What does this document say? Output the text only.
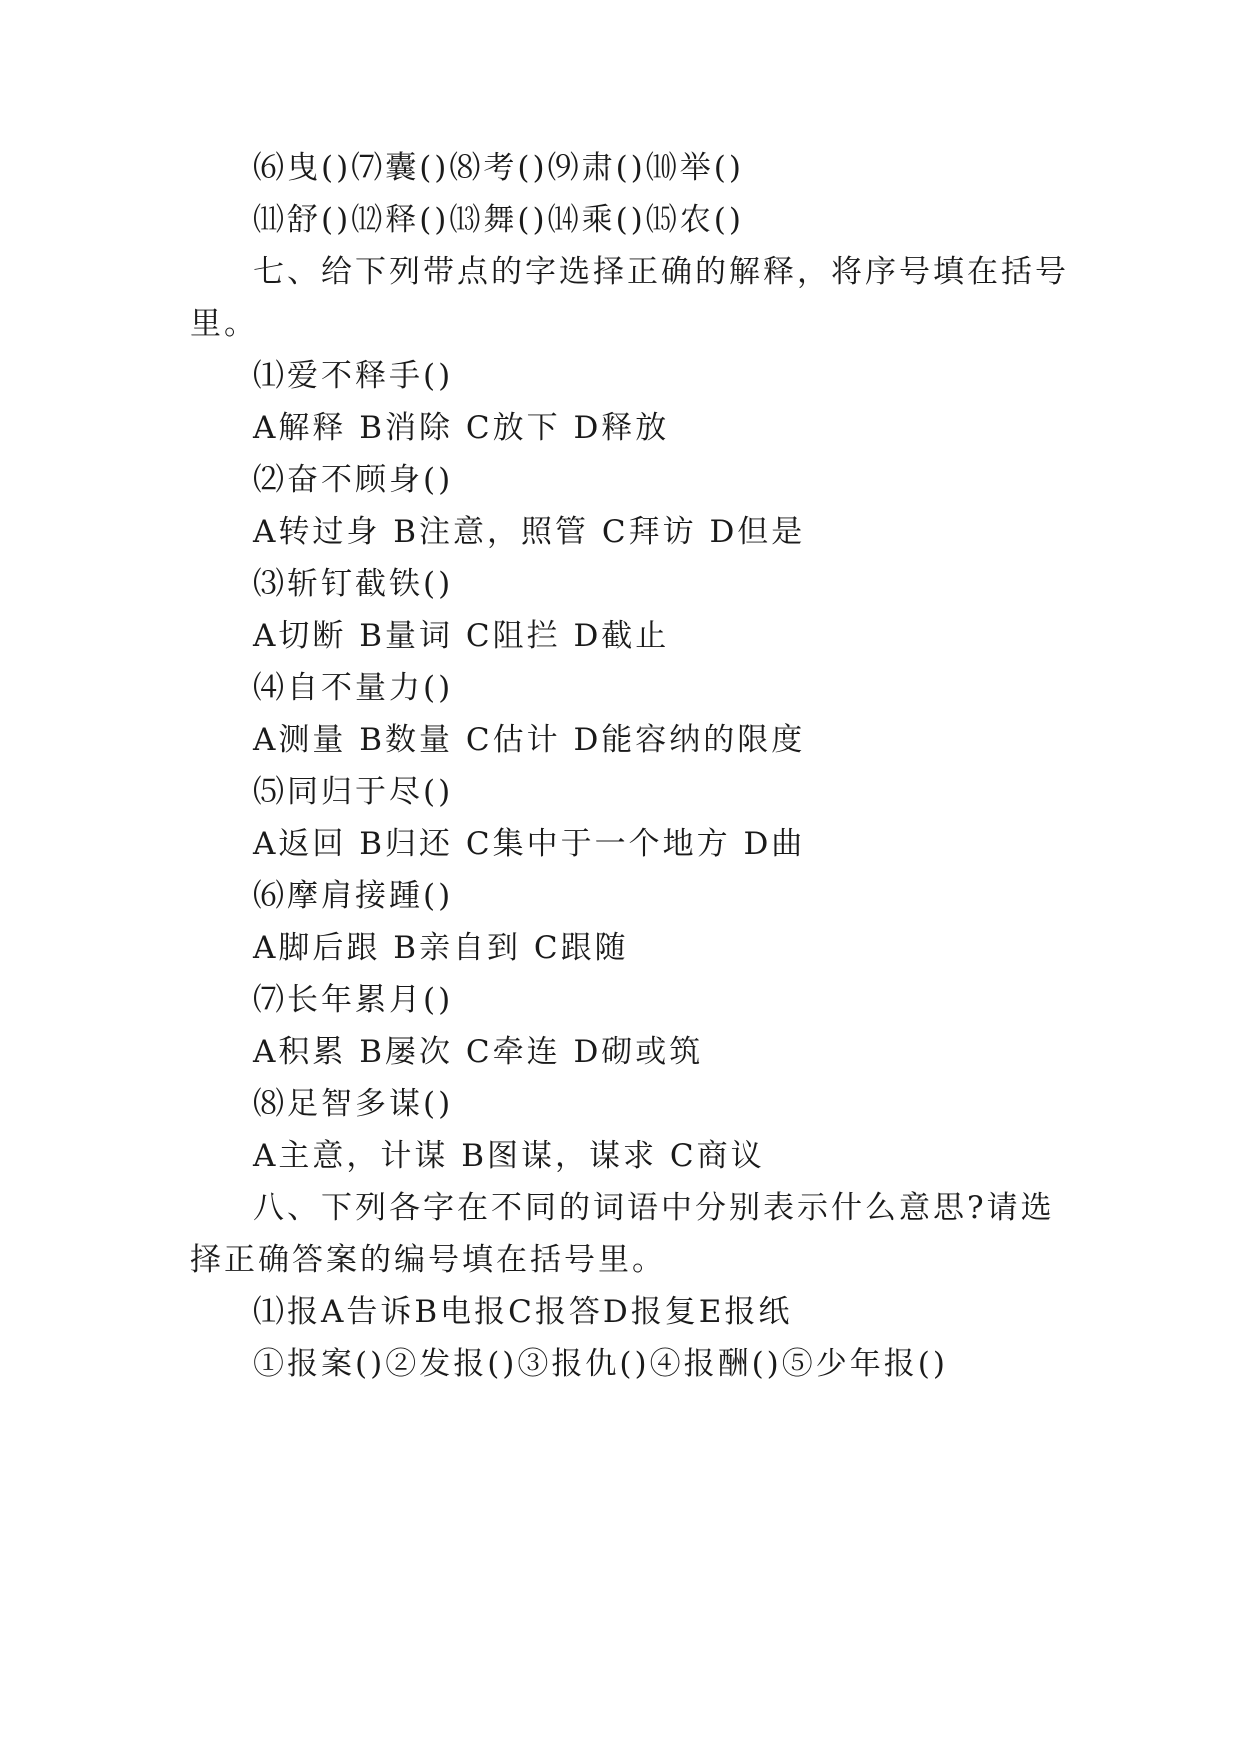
⑹曳()⑺囊()⑻考()⑼肃()⑽举()
⑾舒()⑿释()⒀舞()⒁乘()⒂农()
七、给下列带点的字选择正确的解释，将序号填在括号
里。
⑴爱不释手()
A解释 B消除 C放下 D释放
⑵奋不顾身()
A转过身 B注意，照管 C拜访 D但是
⑶斩钉截铁()
A切断 B量词 C阻拦 D截止
⑷自不量力()
A测量 B数量 C估计 D能容纳的限度
⑸同归于尽()
A返回 B归还 C集中于一个地方 D曲
⑹摩肩接踵()
A脚后跟 B亲自到 C跟随
⑺长年累月()
A积累 B屡次 C牵连 D砌或筑
⑻足智多谋()
A主意，计谋 B图谋，谋求 C商议
八、下列各字在不同的词语中分别表示什么意思?请选
择正确答案的编号填在括号里。
⑴报A告诉B电报C报答D报复E报纸
①报案()②发报()③报仇()④报酬()⑤少年报()
